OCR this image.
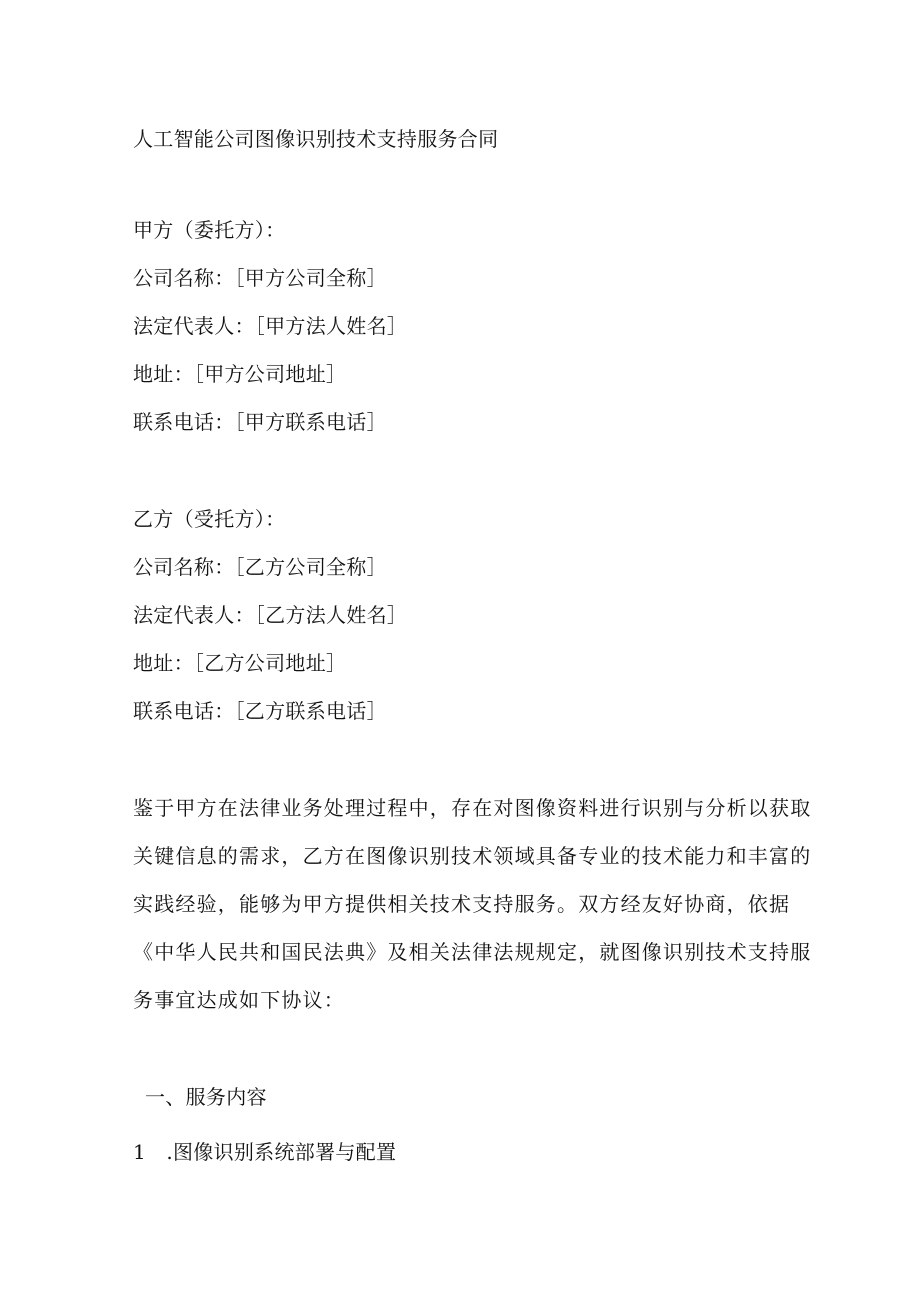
人工智能公司图像识别技术支持服务合同
甲方（委托方）：
公司名称：［甲方公司全称］
法定代表人：［甲方法人姓名］
地址：［甲方公司地址］
联系电话：［甲方联系电话］
乙方（受托方）：
公司名称：［乙方公司全称］
法定代表人：［乙方法人姓名］
地址：［乙方公司地址］
联系电话：［乙方联系电话］
鉴于甲方在法律业务处理过程中，存在对图像资料进行识别与分析以获取
关键信息的需求，乙方在图像识别技术领域具备专业的技术能力和丰富的
实践经验，能够为甲方提供相关技术支持服务。双方经友好协商，依据
《中华人民共和国民法典》及相关法律法规规定，就图像识别技术支持服
务事宜达成如下协议：
一、服务内容
1　.图像识别系统部署与配置
